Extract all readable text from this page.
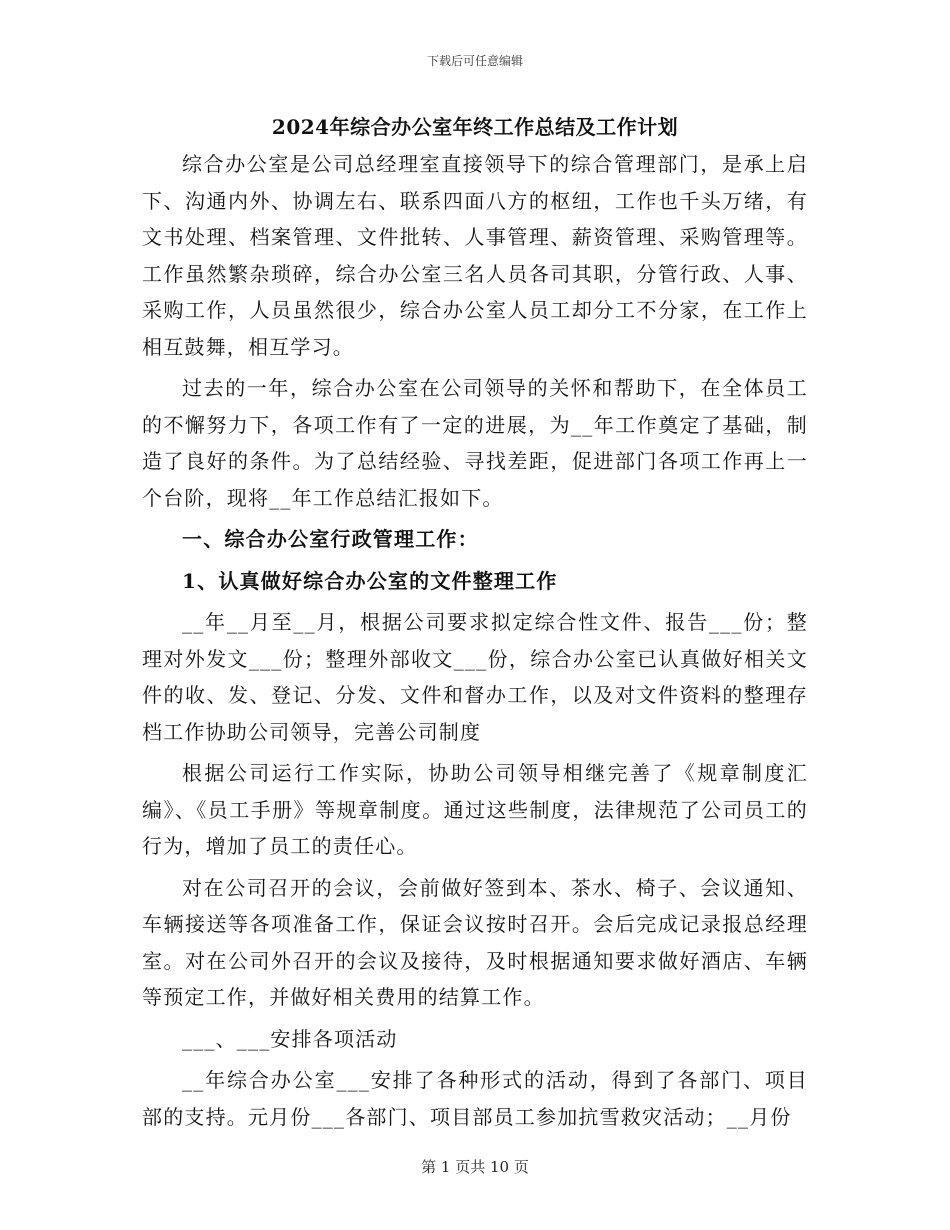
下载后可任意编辑
2024年综合办公室年终工作总结及工作计划

综合办公室是公司总经理室直接领导下的综合管理部门，是承上启下、沟通内外、协调左右、联系四面八方的枢纽，工作也千头万绪，有文书处理、档案管理、文件批转、人事管理、薪资管理、采购管理等。工作虽然繁杂琐碎，综合办公室三名人员各司其职，分管行政、人事、采购工作，人员虽然很少，综合办公室人员工却分工不分家，在工作上相互鼓舞，相互学习。

过去的一年，综合办公室在公司领导的关怀和帮助下，在全体员工的不懈努力下，各项工作有了一定的进展，为__年工作奠定了基础，制造了良好的条件。为了总结经验、寻找差距，促进部门各项工作再上一个台阶，现将__年工作总结汇报如下。

一、综合办公室行政管理工作：

1、认真做好综合办公室的文件整理工作

__年__月至__月，根据公司要求拟定综合性文件、报告___份；整理对外发文___份；整理外部收文___份，综合办公室已认真做好相关文件的收、发、登记、分发、文件和督办工作，以及对文件资料的整理存档工作协助公司领导，完善公司制度

根据公司运行工作实际，协助公司领导相继完善了《规章制度汇编》、《员工手册》等规章制度。通过这些制度，法律规范了公司员工的行为，增加了员工的责任心。

对在公司召开的会议，会前做好签到本、茶水、椅子、会议通知、车辆接送等各项准备工作，保证会议按时召开。会后完成记录报总经理室。对在公司外召开的会议及接待，及时根据通知要求做好酒店、车辆等预定工作，并做好相关费用的结算工作。

___、___安排各项活动

__年综合办公室___安排了各种形式的活动，得到了各部门、项目部的支持。元月份___各部门、项目部员工参加抗雪救灾活动；__月份

第 1 页共 10 页
